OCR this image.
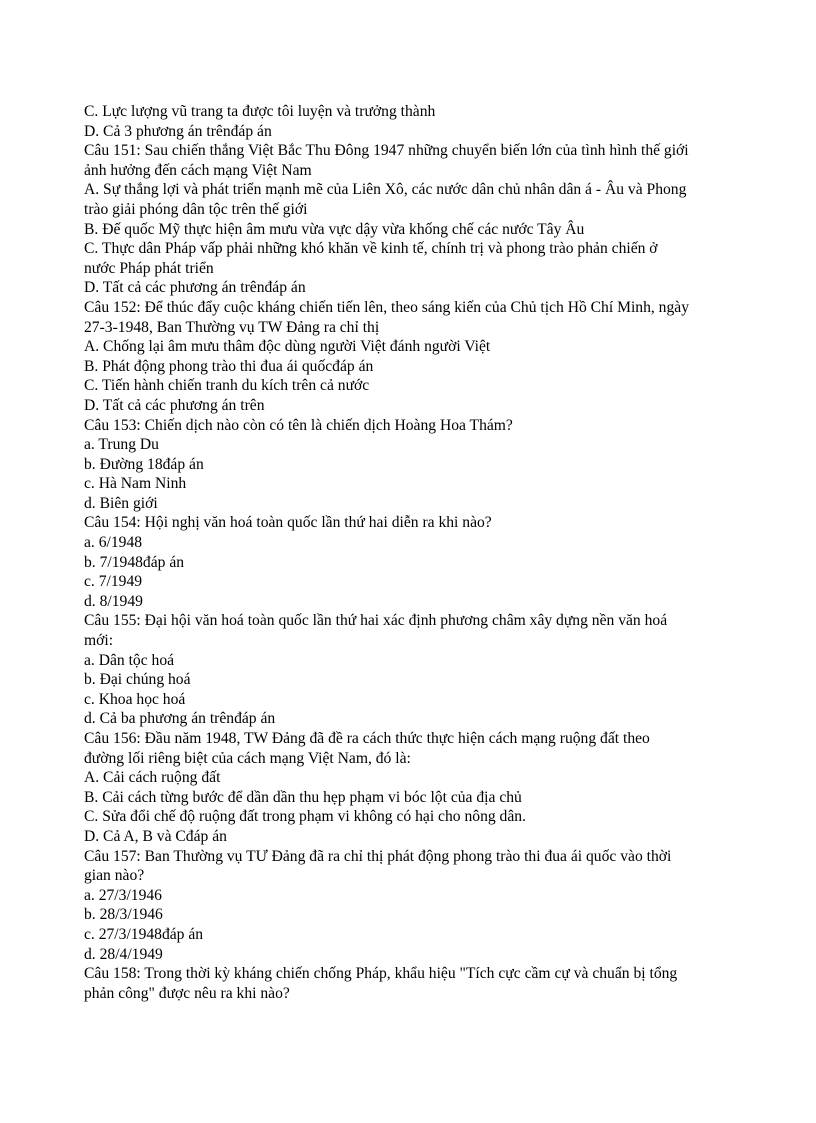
C. Lực lượng vũ trang ta được tôi luyện và trưởng thành
D. Cả 3 phương án trênđáp án
Câu 151: Sau chiến thắng Việt Bắc Thu Đông 1947 những chuyển biến lớn của tình hình thế giới
ảnh hưởng đến cách mạng Việt Nam
A. Sự thắng lợi và phát triển mạnh mẽ của Liên Xô, các nước dân chủ nhân dân á - Âu và Phong
trào giải phóng dân tộc trên thế giới
B. Đế quốc Mỹ thực hiện âm mưu vừa vực dậy vừa khống chế các nước Tây Âu
C. Thực dân Pháp vấp phải những khó khăn về kinh tế, chính trị và phong trào phản chiến ở
nước Pháp phát triển
D. Tất cả các phương án trênđáp án
Câu 152: Để thúc đẩy cuộc kháng chiến tiến lên, theo sáng kiến của Chủ tịch Hồ Chí Minh, ngày
27-3-1948, Ban Thường vụ TW Đảng ra chỉ thị
A. Chống lại âm mưu thâm độc dùng người Việt đánh người Việt
B. Phát động phong trào thi đua ái quốcđáp án
C. Tiến hành chiến tranh du kích trên cả nước
D. Tất cả các phương án trên
Câu 153: Chiến dịch nào còn có tên là chiến dịch Hoàng Hoa Thám?
a. Trung Du
b. Đường 18đáp án
c. Hà Nam Ninh
d. Biên giới
Câu 154: Hội nghị văn hoá toàn quốc lần thứ hai diễn ra khi nào?
a. 6/1948
b. 7/1948đáp án
c. 7/1949
d. 8/1949
Câu 155: Đại hội văn hoá toàn quốc lần thứ hai xác định phương châm xây dựng nền văn hoá
mới:
a. Dân tộc hoá
b. Đại chúng hoá
c. Khoa học hoá
d. Cả ba phương án trênđáp án
Câu 156: Đầu năm 1948, TW Đảng đã đề ra cách thức thực hiện cách mạng ruộng đất theo
đường lối riêng biệt của cách mạng Việt Nam, đó là:
A. Cải cách ruộng đất
B. Cải cách từng bước để dần dần thu hẹp phạm vi bóc lột của địa chủ
C. Sửa đổi chế độ ruộng đất trong phạm vi không có hại cho nông dân.
D. Cả A, B và Cđáp án
Câu 157: Ban Thường vụ TƯ Đảng đã ra chỉ thị phát động phong trào thi đua ái quốc vào thời
gian nào?
a. 27/3/1946
b. 28/3/1946
c. 27/3/1948đáp án
d. 28/4/1949
Câu 158: Trong thời kỳ kháng chiến chống Pháp, khẩu hiệu "Tích cực cầm cự và chuẩn bị tổng
phản công" được nêu ra khi nào?
